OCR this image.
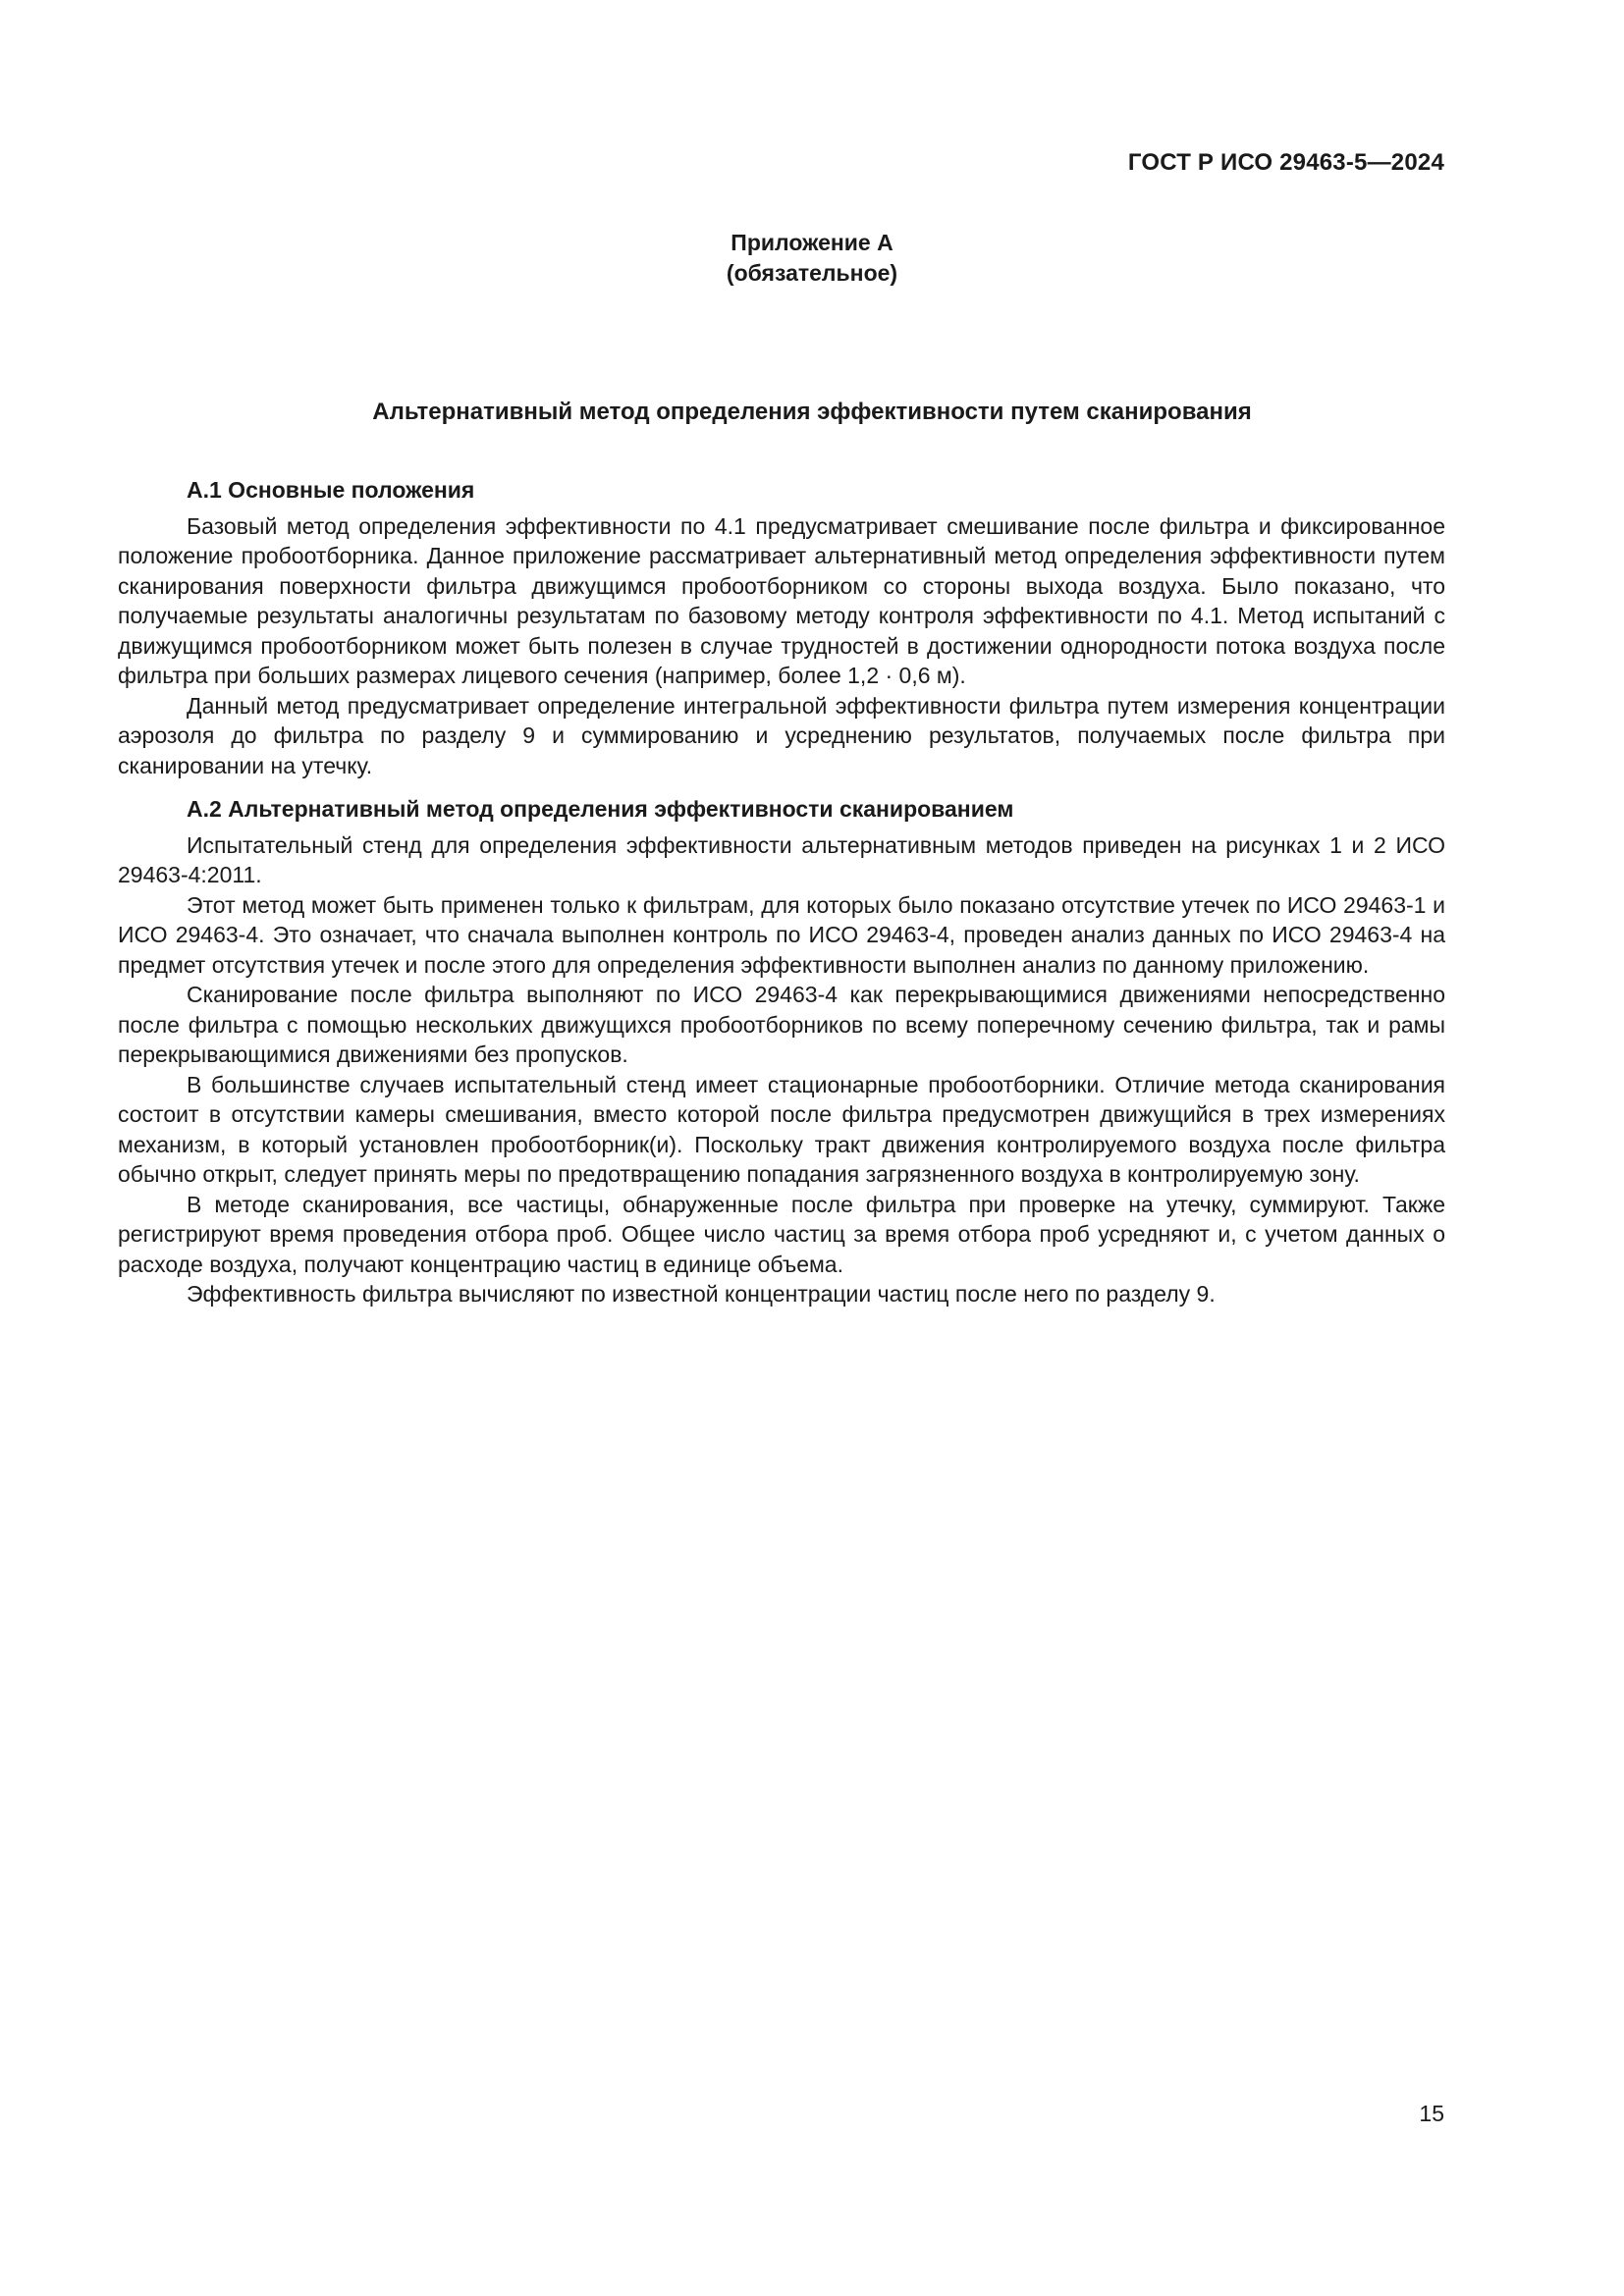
ГОСТ Р ИСО 29463-5—2024
Приложение А
(обязательное)
Альтернативный метод определения эффективности путем сканирования

А.1 Основные положения

Базовый метод определения эффективности по 4.1 предусматривает смешивание после фильтра и фиксированное положение пробоотборника. Данное приложение рассматривает альтернативный метод определения эффективности путем сканирования поверхности фильтра движущимся пробоотборником со стороны выхода воздуха. Было показано, что получаемые результаты аналогичны результатам по базовому методу контроля эффективности по 4.1. Метод испытаний с движущимся пробоотборником может быть полезен в случае трудностей в достижении однородности потока воздуха после фильтра при больших размерах лицевого сечения (например, более 1,2 · 0,6 м).

Данный метод предусматривает определение интегральной эффективности фильтра путем измерения концентрации аэрозоля до фильтра по разделу 9 и суммированию и усреднению результатов, получаемых после фильтра при сканировании на утечку.

А.2 Альтернативный метод определения эффективности сканированием

Испытательный стенд для определения эффективности альтернативным методов приведен на рисунках 1 и 2 ИСО 29463-4:2011.

Этот метод может быть применен только к фильтрам, для которых было показано отсутствие утечек по ИСО 29463-1 и ИСО 29463-4. Это означает, что сначала выполнен контроль по ИСО 29463-4, проведен анализ данных по ИСО 29463-4 на предмет отсутствия утечек и после этого для определения эффективности выполнен анализ по данному приложению.

Сканирование после фильтра выполняют по ИСО 29463-4 как перекрывающимися движениями непосредственно после фильтра с помощью нескольких движущихся пробоотборников по всему поперечному сечению фильтра, так и рамы перекрывающимися движениями без пропусков.

В большинстве случаев испытательный стенд имеет стационарные пробоотборники. Отличие метода сканирования состоит в отсутствии камеры смешивания, вместо которой после фильтра предусмотрен движущийся в трех измерениях механизм, в который установлен пробоотборник(и). Поскольку тракт движения контролируемого воздуха после фильтра обычно открыт, следует принять меры по предотвращению попадания загрязненного воздуха в контролируемую зону.

В методе сканирования, все частицы, обнаруженные после фильтра при проверке на утечку, суммируют. Также регистрируют время проведения отбора проб. Общее число частиц за время отбора проб усредняют и, с учетом данных о расходе воздуха, получают концентрацию частиц в единице объема.

Эффективность фильтра вычисляют по известной концентрации частиц после него по разделу 9.

15
